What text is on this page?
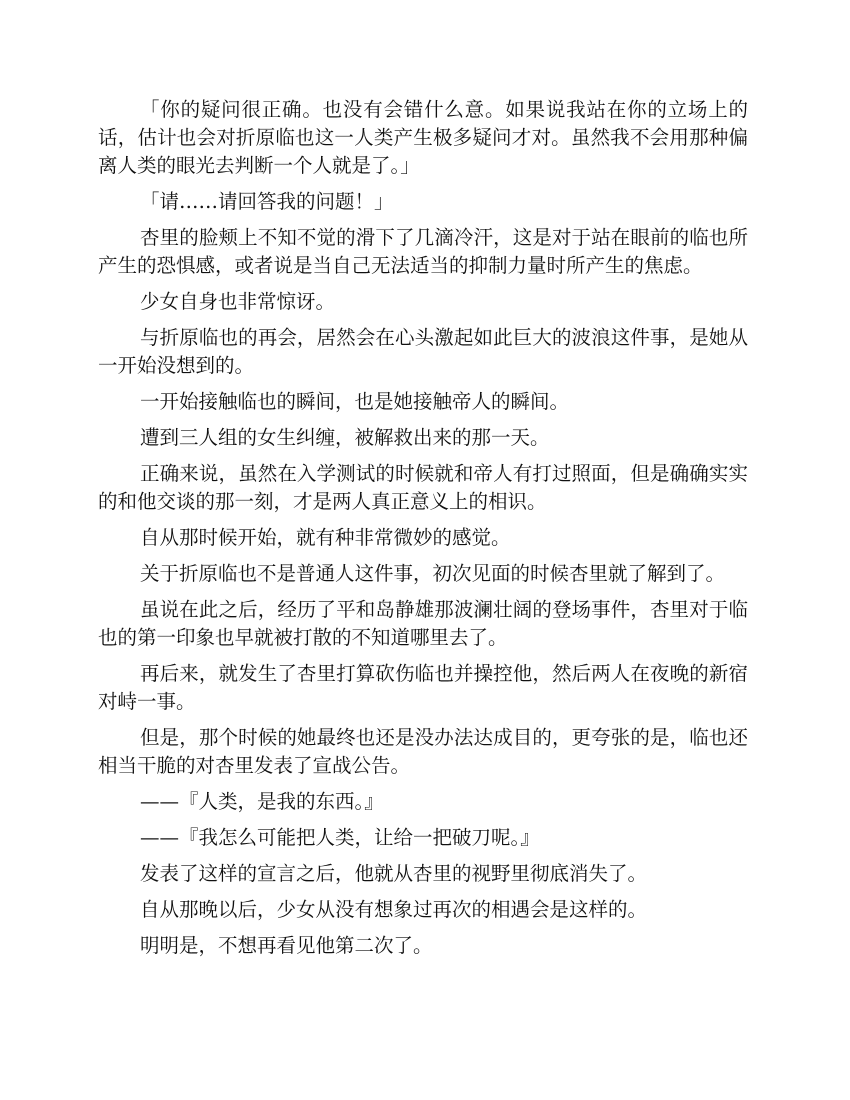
「你的疑问很正确。也没有会错什么意。如果说我站在你的立场上的话，估计也会对折原临也这一人类产生极多疑问才对。虽然我不会用那种偏离人类的眼光去判断一个人就是了。」

「请……请回答我的问题！」

杏里的脸颊上不知不觉的滑下了几滴冷汗，这是对于站在眼前的临也所产生的恐惧感，或者说是当自己无法适当的抑制力量时所产生的焦虑。

少女自身也非常惊讶。

与折原临也的再会，居然会在心头激起如此巨大的波浪这件事，是她从一开始没想到的。

一开始接触临也的瞬间，也是她接触帝人的瞬间。

遭到三人组的女生纠缠，被解救出来的那一天。

正确来说，虽然在入学测试的时候就和帝人有打过照面，但是确确实实的和他交谈的那一刻，才是两人真正意义上的相识。

自从那时候开始，就有种非常微妙的感觉。

关于折原临也不是普通人这件事，初次见面的时候杏里就了解到了。

虽说在此之后，经历了平和岛静雄那波澜壮阔的登场事件，杏里对于临也的第一印象也早就被打散的不知道哪里去了。

再后来，就发生了杏里打算砍伤临也并操控他，然后两人在夜晚的新宿对峙一事。

但是，那个时候的她最终也还是没办法达成目的，更夸张的是，临也还相当干脆的对杏里发表了宣战公告。

——『人类，是我的东西。』

——『我怎么可能把人类，让给一把破刀呢。』

发表了这样的宣言之后，他就从杏里的视野里彻底消失了。

自从那晚以后，少女从没有想象过再次的相遇会是这样的。

明明是，不想再看见他第二次了。
